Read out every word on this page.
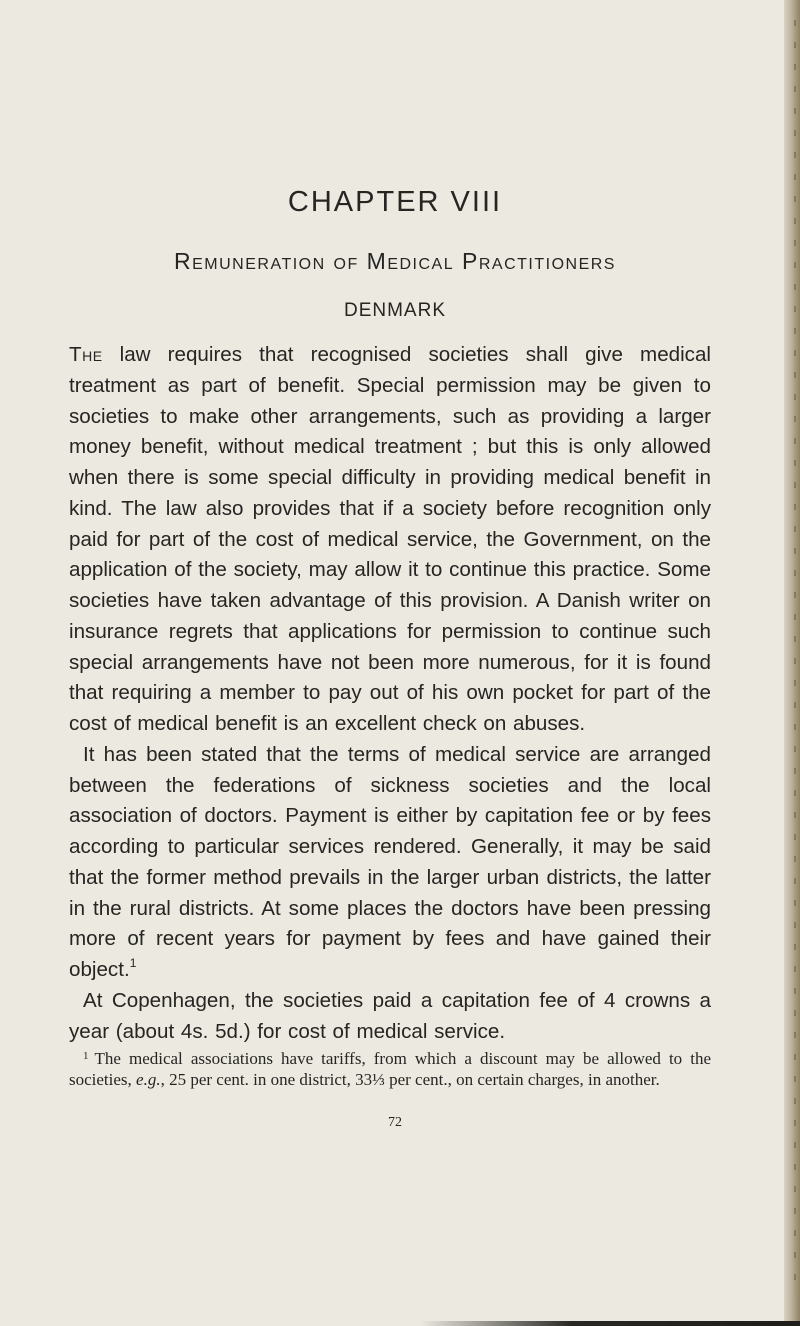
CHAPTER VIII
Remuneration of Medical Practitioners
DENMARK

The law requires that recognised societies shall give medical treatment as part of benefit. Special permission may be given to societies to make other arrangements, such as providing a larger money benefit, without medical treatment ; but this is only allowed when there is some special difficulty in providing medical benefit in kind. The law also provides that if a society before recognition only paid for part of the cost of medical service, the Government, on the application of the society, may allow it to continue this practice. Some societies have taken advantage of this provision. A Danish writer on insurance regrets that applications for permission to continue such special arrangements have not been more numerous, for it is found that requiring a member to pay out of his own pocket for part of the cost of medical benefit is an excellent check on abuses.

It has been stated that the terms of medical service are arranged between the federations of sickness societies and the local association of doctors. Payment is either by capitation fee or by fees according to particular services rendered. Generally, it may be said that the former method prevails in the larger urban districts, the latter in the rural districts. At some places the doctors have been pressing more of recent years for payment by fees and have gained their object.$^1$

At Copenhagen, the societies paid a capitation fee of 4 crowns a year (about 4s. 5d.) for cost of medical service.

$^1$ The medical associations have tariffs, from which a discount may be allowed to the societies, e.g., 25 per cent. in one district, 33⅓ per cent., on certain charges, in another.

72
